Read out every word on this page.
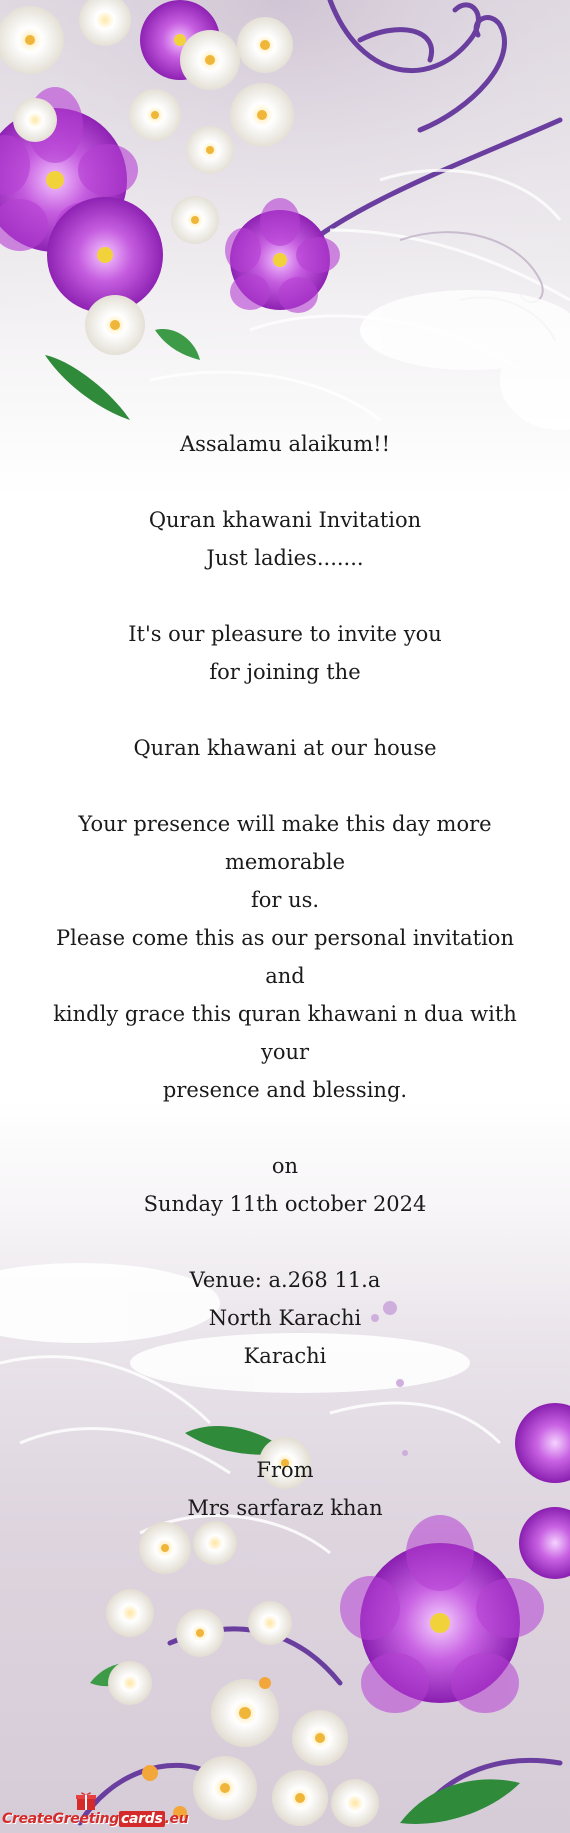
Assalamu alaikum!!

Quran khawani Invitation

Just ladies.......

It's our pleasure to invite you

for joining the

Quran khawani at our house

Your presence will make this day more memorable

for us.

Please come this as our personal invitation and

kindly grace this quran khawani n dua with your

presence and blessing.

on

Sunday 11th october 2024

Venue: a.268 11.a

North Karachi

Karachi

From

Mrs sarfaraz khan

CreateGreeting cards .eu
